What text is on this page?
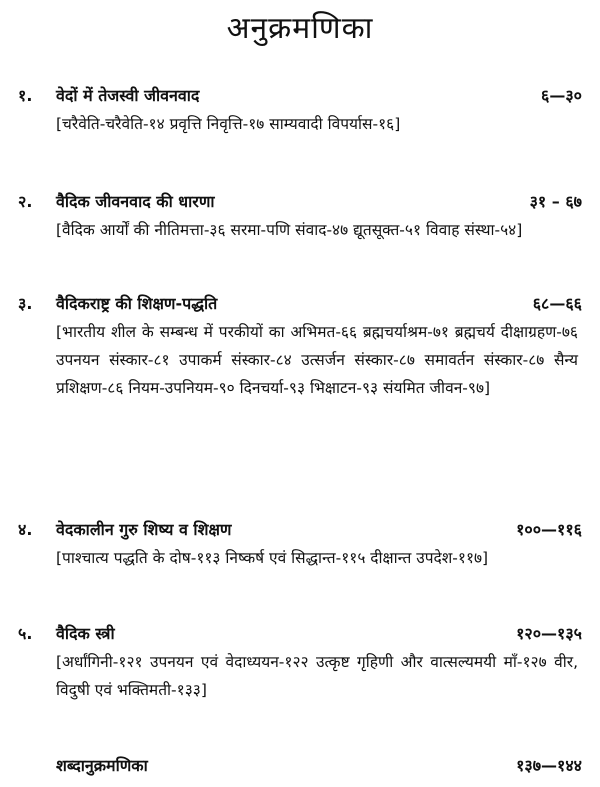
अनुक्रमणिका
१. वेदों में तेजस्वी जीवनवाद	६—३०
[चरैवेति-चरैवेति-१४ प्रवृत्ति निवृत्ति-१७ साम्यवादी विपर्यास-१६]
२. वैदिक जीवनवाद की धारणा	३१ – ६७
[वैदिक आर्यों की नीतिमत्ता-३६ सरमा-पणि संवाद-४७ द्यूतसूक्त-५१ विवाह संस्था-५४]
३. वैदिकराष्ट्र की शिक्षण-पद्धति	६८—६६
[भारतीय शील के सम्बन्ध में परकीयों का अभिमत-६६ ब्रह्मचर्याश्रम-७१ ब्रह्मचर्य दीक्षाग्रहण-७६ उपनयन संस्कार-८१ उपाकर्म संस्कार-८४ उत्सर्जन संस्कार-८७ समावर्तन संस्कार-८७ सैन्य प्रशिक्षण-८६ नियम-उपनियम-९० दिनचर्या-९३ भिक्षाटन-९३ संयमित जीवन-९७]
४. वेदकालीन गुरु शिष्य व शिक्षण	१००—११६
[पाश्चात्य पद्धति के दोष-११३ निष्कर्ष एवं सिद्धान्त-११५ दीक्षान्त उपदेश-११७]
५. वैदिक स्त्री	१२०—१३५
[अर्धांगिनी-१२१ उपनयन एवं वेदाध्ययन-१२२ उत्कृष्ट गृहिणी और वात्सल्यमयी माँ-१२७ वीर, विदुषी एवं भक्तिमती-१३३]
शब्दानुक्रमणिका	१३७—१४४
